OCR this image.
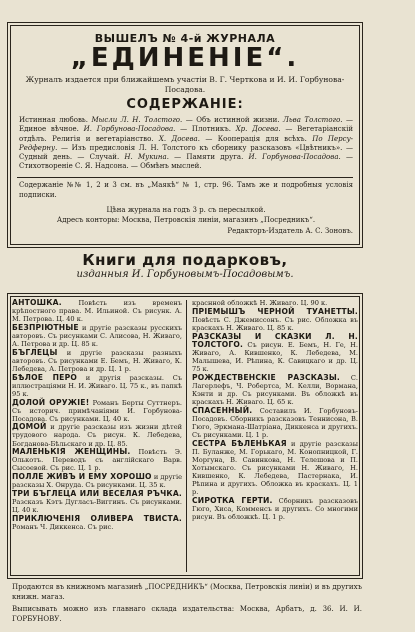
ВЫШЕЛЪ № 4-й ЖУРНАЛА
„ЕДИНЕНІЕ“.
Журналъ издается при ближайшемъ участіи В. Г. Черткова и И. И. Горбунова-Посадова.
СОДЕРЖАНІЕ:
Истинная любовь. Мысли Л. Н. Толстого. — Объ истинной жизни. Льва Толстого. — Единое вѣчное. И. Горбунова-Посадова. — Плотникъ. Хр. Досева. — Вегетаріанскій отдѣлъ. Религія и вегетаріанство. Х. Досева. — Кооперація для всѣхъ. По Персу-Редферну. — Изъ предисловія Л. Н. Толстого къ сборнику разсказовъ «Цвѣтникъ». — Судный день. — Случай. Н. Мукина. — Памяти друга. И. Горбунова-Посадова. — Стихотвореніе С. Я. Надсона. — Обмѣнъ мыслей.
Содержаніе №№ 1, 2 и 3 см. въ „Маякѣ“ № 1, стр. 96. Тамъ же и подробныя условія подписки.
Цѣна журнала на годъ 3 р. съ пересылкой.
Адресъ конторы: Москва, Петровскія линіи, магазинъ „Посредникъ“.
Редакторъ-Издатель А. С. Зоновъ.
Книги для подарковъ,
изданныя И. Горбуновымъ-Посадовымъ.
АНТОШКА. Повѣсть изъ временъ крѣпостного права. М. Ильиной. Съ рисунк. А. М. Петрова. Ц. 40 к.
БЕЗПРІЮТНЫЕ и другіе разсказы русскихъ авторовъ. Съ рисунками С. Алисова, Н. Живаго, А. Петрова и др. Ц. 85 к.
БЪГЛЕЦЫ и другіе разсказы разныхъ авторовъ. Съ рисунками Е. Бемъ, Н. Живаго, К. Лебедева, А. Петрова и др. Ц. 1 р.
БѢЛОЕ ПЕРО и другія разсказы. Съ иллюстраціями Н. И. Живаго. Ц. 75 к., въ папкѣ 95 к.
ДОЛОЙ ОРУЖІЕ! Романъ Берты Суттнеръ. Съ историч. примѣчаніями И. Горбунова-Посадова. Съ рисунками. Ц. 40 к.
ДОМОЙ и другіе разсказы изъ жизни дѣтей трудового народа. Съ рисун. К. Лебедева, Богданова-Бѣльскаго и др. Ц. 85.
МАЛЕНЬКІЯ ЖЕНЩИНЫ. Повѣсть Э. Олькотъ. Переводъ съ англійскаго Варв. Сысоевой. Съ рис. Ц. 1 р.
ПОЛЛЕ ЖИВЪ И ЕМУ ХОРОШО и другіе разсказы Х. Онруда. Съ рисунками. Ц. 35 к.
ТРИ БЪГЛЕЦА ИЛИ ВЕСЕЛАЯ РЪЧКА. Разсказъ Кэтъ Дугласъ-Виггинъ. Съ рисунками. Ц. 40 к.
ПРИКЛЮЧЕНІЯ ОЛИВЕРА ТВИСТА. Романъ Ч. Диккенса. Съ рис.
краснной обложкѣ Н. Живаго. Ц. 90 к.
ПРІЕМЫШЪ ЧЕРНОЙ ТУАНЕТТЫ. Повѣсть С. Джемиссонъ. Съ рис. Обложка въ краскахъ Н. Живаго. Ц. 85 к.
РАЗСКАЗЫ И СКАЗКИ Л. Н. ТОЛСТОГО. Съ рисун. Е. Бемъ, Н. Ге, Н. Живаго, А. Кившенко, К. Лебедева, М. Малышева, И. Рѣпина, К. Савицкаго и др. Ц. 75 к.
РОЖДЕСТВЕНСКІЕ РАЗСКАЗЫ. С. Лагерлефъ, Ч. Робертса, М. Келли, Вормана, Кэнти и др. Съ рисунками. Въ обложкѣ въ краскахъ Н. Живаго. Ц. 65 к.
СПАСЕННЫЙ. Составилъ И. Горбуновъ-Посадовъ. Сборникъ разсказовъ Теннисона, В. Гюго, Эркмана-Шатріана, Диккенса и другихъ. Съ рисунками. Ц. 1 р.
СЕСТРА БѢЛЕНЬКАЯ и другіе разсказы П. Буланже, М. Горькаго, М. Конопницкой, Г. Моргуна, В. Савинкова, Н. Телешова и П. Хотымскаго. Съ рисунками Н. Живаго, Н. Кившенко, К. Лебедева, Пастернака, И. Рѣпина и другихъ. Обложка въ краскахъ. Ц. 1 р.
СИРОТКА ГЕРТИ. Сборникъ разсказовъ Гюго, Хиса, Комменсъ и другихъ. Со многими рисун. Въ обложкѣ. Ц. 1 р.
Продаются въ книжномъ магазинѣ „ПОСРЕДНИКЪ“ (Москва, Петровскія линіи) и въ другихъ книжн. магаз.
Выписывать можно изъ главнаго склада издательства: Москва, Арбатъ, д. 36. И. И. ГОРБУНОВУ.
